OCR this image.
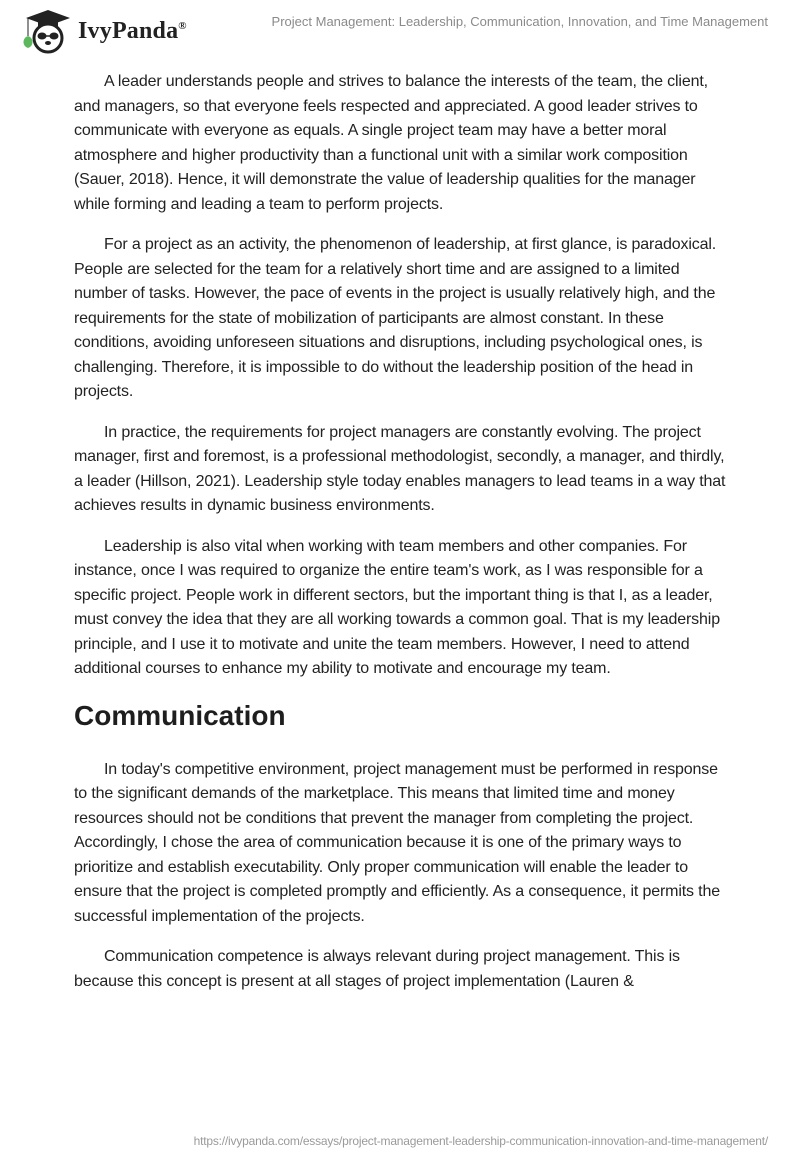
IvyPanda®	Project Management: Leadership, Communication, Innovation, and Time Management

A leader understands people and strives to balance the interests of the team, the client, and managers, so that everyone feels respected and appreciated. A good leader strives to communicate with everyone as equals. A single project team may have a better moral atmosphere and higher productivity than a functional unit with a similar work composition (Sauer, 2018). Hence, it will demonstrate the value of leadership qualities for the manager while forming and leading a team to perform projects.

For a project as an activity, the phenomenon of leadership, at first glance, is paradoxical. People are selected for the team for a relatively short time and are assigned to a limited number of tasks. However, the pace of events in the project is usually relatively high, and the requirements for the state of mobilization of participants are almost constant. In these conditions, avoiding unforeseen situations and disruptions, including psychological ones, is challenging. Therefore, it is impossible to do without the leadership position of the head in projects.

In practice, the requirements for project managers are constantly evolving. The project manager, first and foremost, is a professional methodologist, secondly, a manager, and thirdly, a leader (Hillson, 2021). Leadership style today enables managers to lead teams in a way that achieves results in dynamic business environments.

Leadership is also vital when working with team members and other companies. For instance, once I was required to organize the entire team's work, as I was responsible for a specific project. People work in different sectors, but the important thing is that I, as a leader, must convey the idea that they are all working towards a common goal. That is my leadership principle, and I use it to motivate and unite the team members. However, I need to attend additional courses to enhance my ability to motivate and encourage my team.

Communication

In today's competitive environment, project management must be performed in response to the significant demands of the marketplace. This means that limited time and money resources should not be conditions that prevent the manager from completing the project. Accordingly, I chose the area of communication because it is one of the primary ways to prioritize and establish executability. Only proper communication will enable the leader to ensure that the project is completed promptly and efficiently. As a consequence, it permits the successful implementation of the projects.

Communication competence is always relevant during project management. This is because this concept is present at all stages of project implementation (Lauren &

https://ivypanda.com/essays/project-management-leadership-communication-innovation-and-time-management/
